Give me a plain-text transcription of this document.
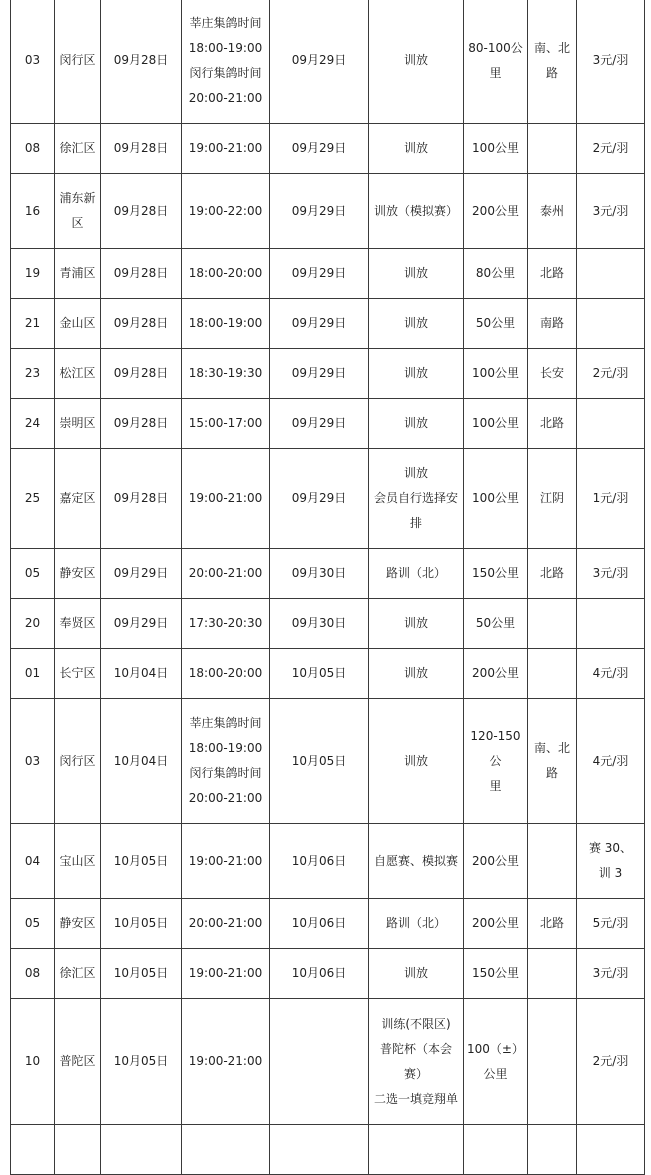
03	闵行区	09月28日	莘庄集鸽时间
18:00-19:00
闵行集鸽时间
20:00-21:00	09月29日	训放	80-100公
里	南、北
路	3元/羽

08	徐汇区	09月28日	19:00-21:00	09月29日	训放	100公里		2元/羽

16	浦东新区	09月28日	19:00-22:00	09月29日	训放（模拟赛）	200公里	泰州	3元/羽

19	青浦区	09月28日	18:00-20:00	09月29日	训放	80公里	北路	

21	金山区	09月28日	18:00-19:00	09月29日	训放	50公里	南路	

23	松江区	09月28日	18:30-19:30	09月29日	训放	100公里	长安	2元/羽

24	崇明区	09月28日	15:00-17:00	09月29日	训放	100公里	北路	

25	嘉定区	09月28日	19:00-21:00	09月29日	训放
会员自行选择安
排	100公里	江阴	1元/羽

05	静安区	09月29日	20:00-21:00	09月30日	路训（北）	150公里	北路	3元/羽

20	奉贤区	09月29日	17:30-20:30	09月30日	训放	50公里		

01	长宁区	10月04日	18:00-20:00	10月05日	训放	200公里		4元/羽

03	闵行区	10月04日	莘庄集鸽时间
18:00-19:00
闵行集鸽时间
20:00-21:00	10月05日	训放	120-150公
里	南、北
路	4元/羽

04	宝山区	10月05日	19:00-21:00	10月06日	自愿赛、模拟赛	200公里		赛 30、
训 3

05	静安区	10月05日	20:00-21:00	10月06日	路训（北）	200公里	北路	5元/羽

08	徐汇区	10月05日	19:00-21:00	10月06日	训放	150公里		3元/羽

10	普陀区	10月05日	19:00-21:00		训练(不限区)
普陀杯（本会
赛）
二选一填竞翔单	100（±）
公里		2元/羽
